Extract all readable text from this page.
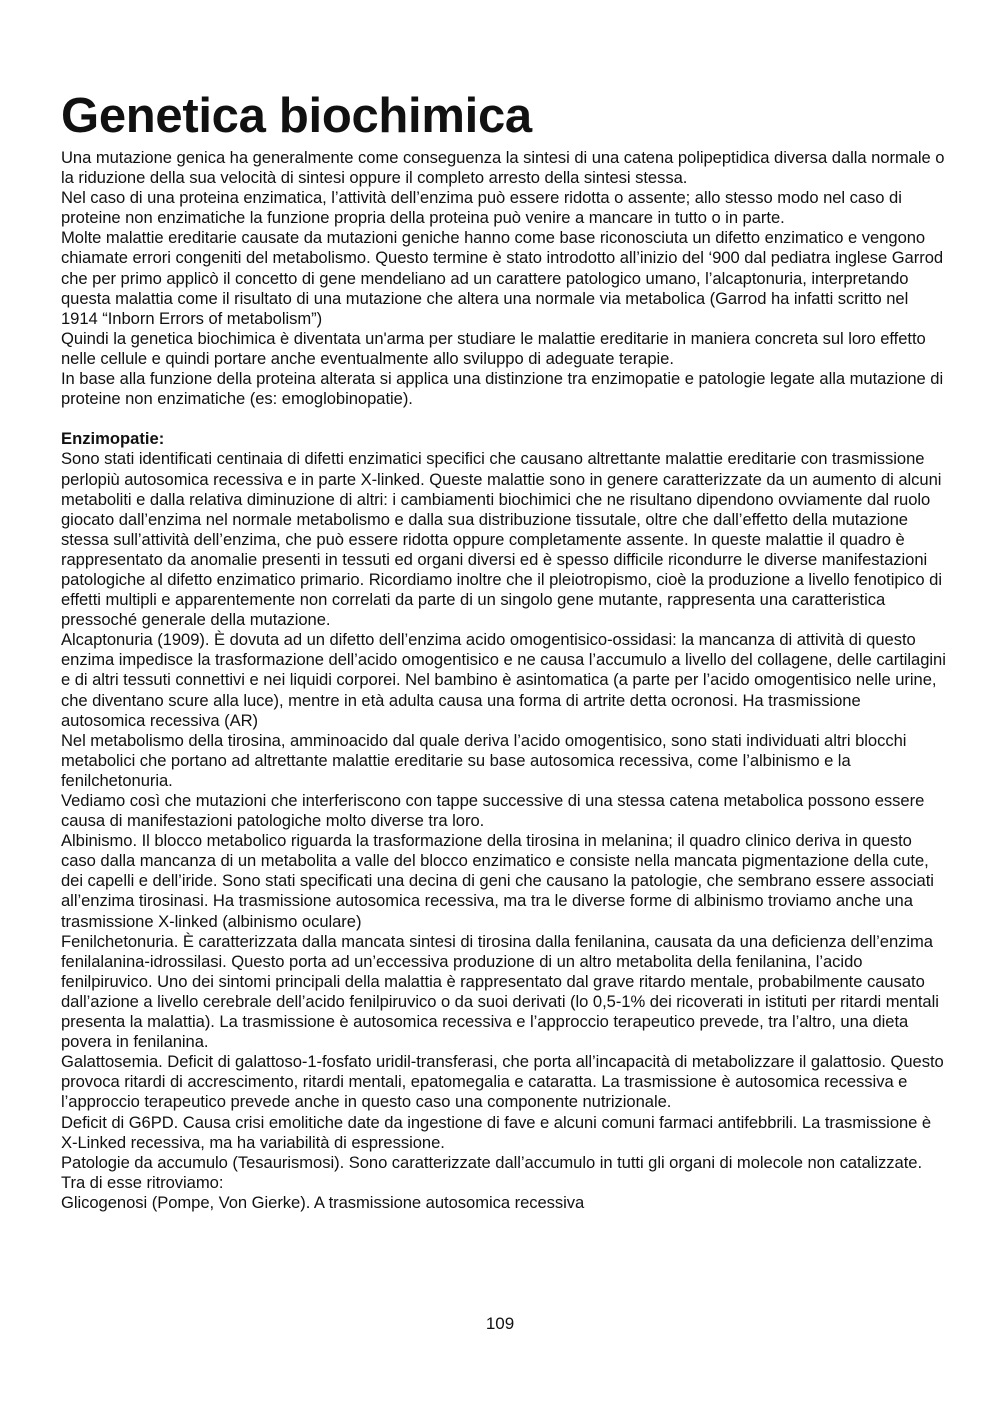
Genetica biochimica

Una mutazione genica ha generalmente come conseguenza la sintesi di una catena polipeptidica diversa dalla normale o la riduzione della sua velocità di sintesi oppure il completo arresto della sintesi stessa.

Nel caso di una proteina enzimatica, l’attività dell’enzima può essere ridotta o assente; allo stesso modo nel caso di proteine non enzimatiche la funzione propria della proteina può venire a mancare in tutto o in parte.

Molte malattie ereditarie causate da mutazioni geniche hanno come base riconosciuta un difetto enzimatico e vengono chiamate errori congeniti del metabolismo. Questo termine è stato introdotto all’inizio del ‘900 dal pediatra inglese Garrod che per primo applicò il concetto di gene mendeliano ad un carattere patologico umano, l’alcaptonuria, interpretando questa malattia come il risultato di una mutazione che altera una normale via metabolica (Garrod ha infatti scritto nel 1914 “Inborn Errors of metabolism”)

Quindi la genetica biochimica è diventata un'arma per studiare le malattie ereditarie in maniera concreta sul loro effetto nelle cellule e quindi portare anche eventualmente allo sviluppo di adeguate terapie.

In base alla funzione della proteina alterata si applica una distinzione tra enzimopatie e patologie legate alla mutazione di proteine non enzimatiche (es: emoglobinopatie).

Enzimopatie:

Sono stati identificati centinaia di difetti enzimatici specifici che causano altrettante malattie ereditarie con trasmissione perlopiù autosomica recessiva e in parte X-linked. Queste malattie sono in genere caratterizzate da un aumento di alcuni metaboliti e dalla relativa diminuzione di altri: i cambiamenti biochimici che ne risultano dipendono ovviamente dal ruolo giocato dall’enzima nel normale metabolismo e dalla sua distribuzione tissutale, oltre che dall’effetto della mutazione stessa sull’attività dell’enzima, che può essere ridotta oppure completamente assente. In queste malattie il quadro è rappresentato da anomalie presenti in tessuti ed organi diversi ed è spesso difficile ricondurre le diverse manifestazioni patologiche al difetto enzimatico primario. Ricordiamo inoltre che il pleiotropismo, cioè la produzione a livello fenotipico di effetti multipli e apparentemente non correlati da parte di un singolo gene mutante, rappresenta una caratteristica pressoché generale della mutazione.

Alcaptonuria (1909). È dovuta ad un difetto dell’enzima acido omogentisico-ossidasi: la mancanza di attività di questo enzima impedisce la trasformazione dell’acido omogentisico e ne causa l’accumulo a livello del collagene, delle cartilagini e di altri tessuti connettivi e nei liquidi corporei. Nel bambino è asintomatica (a parte per l’acido omogentisico nelle urine, che diventano scure alla luce), mentre in età adulta causa una forma di artrite detta ocronosi. Ha trasmissione autosomica recessiva (AR)

Nel metabolismo della tirosina, amminoacido dal quale deriva l’acido omogentisico, sono stati individuati altri blocchi metabolici che portano ad altrettante malattie ereditarie su base autosomica recessiva, come l’albinismo e la fenilchetonuria.

Vediamo così che mutazioni che interferiscono con tappe successive di una stessa catena metabolica possono essere causa di manifestazioni patologiche molto diverse tra loro.

Albinismo. Il blocco metabolico riguarda la trasformazione della tirosina in melanina; il quadro clinico deriva in questo caso dalla mancanza di un metabolita a valle del blocco enzimatico e consiste nella mancata pigmentazione della cute, dei capelli e dell’iride. Sono stati specificati una decina di geni che causano la patologie, che sembrano essere associati all’enzima tirosinasi. Ha trasmissione autosomica recessiva, ma tra le diverse forme di albinismo troviamo anche una trasmissione X-linked (albinismo oculare)

Fenilchetonuria. È caratterizzata dalla mancata sintesi di tirosina dalla fenilanina, causata da una deficienza dell’enzima fenilalanina-idrossilasi. Questo porta ad un’eccessiva produzione di un altro metabolita della fenilanina, l’acido fenilpiruvico. Uno dei sintomi principali della malattia è rappresentato dal grave ritardo mentale, probabilmente causato dall’azione a livello cerebrale dell’acido fenilpiruvico o da suoi derivati (lo 0,5-1% dei ricoverati in istituti per ritardi mentali presenta la malattia). La trasmissione è autosomica recessiva e l’approccio terapeutico prevede, tra l’altro, una dieta povera in fenilanina.

Galattosemia. Deficit di galattoso-1-fosfato uridil-transferasi, che porta all’incapacità di metabolizzare il galattosio. Questo provoca ritardi di accrescimento, ritardi mentali, epatomegalia e cataratta. La trasmissione è autosomica recessiva e l’approccio terapeutico prevede anche in questo caso una componente nutrizionale.

Deficit di G6PD. Causa crisi emolitiche date da ingestione di fave e alcuni comuni farmaci antifebbrili. La trasmissione è X-Linked recessiva, ma ha variabilità di espressione.

Patologie da accumulo (Tesaurismosi). Sono caratterizzate dall’accumulo in tutti gli organi di molecole non catalizzate. Tra di esse ritroviamo:

Glicogenosi (Pompe, Von Gierke). A trasmissione autosomica recessiva

109
